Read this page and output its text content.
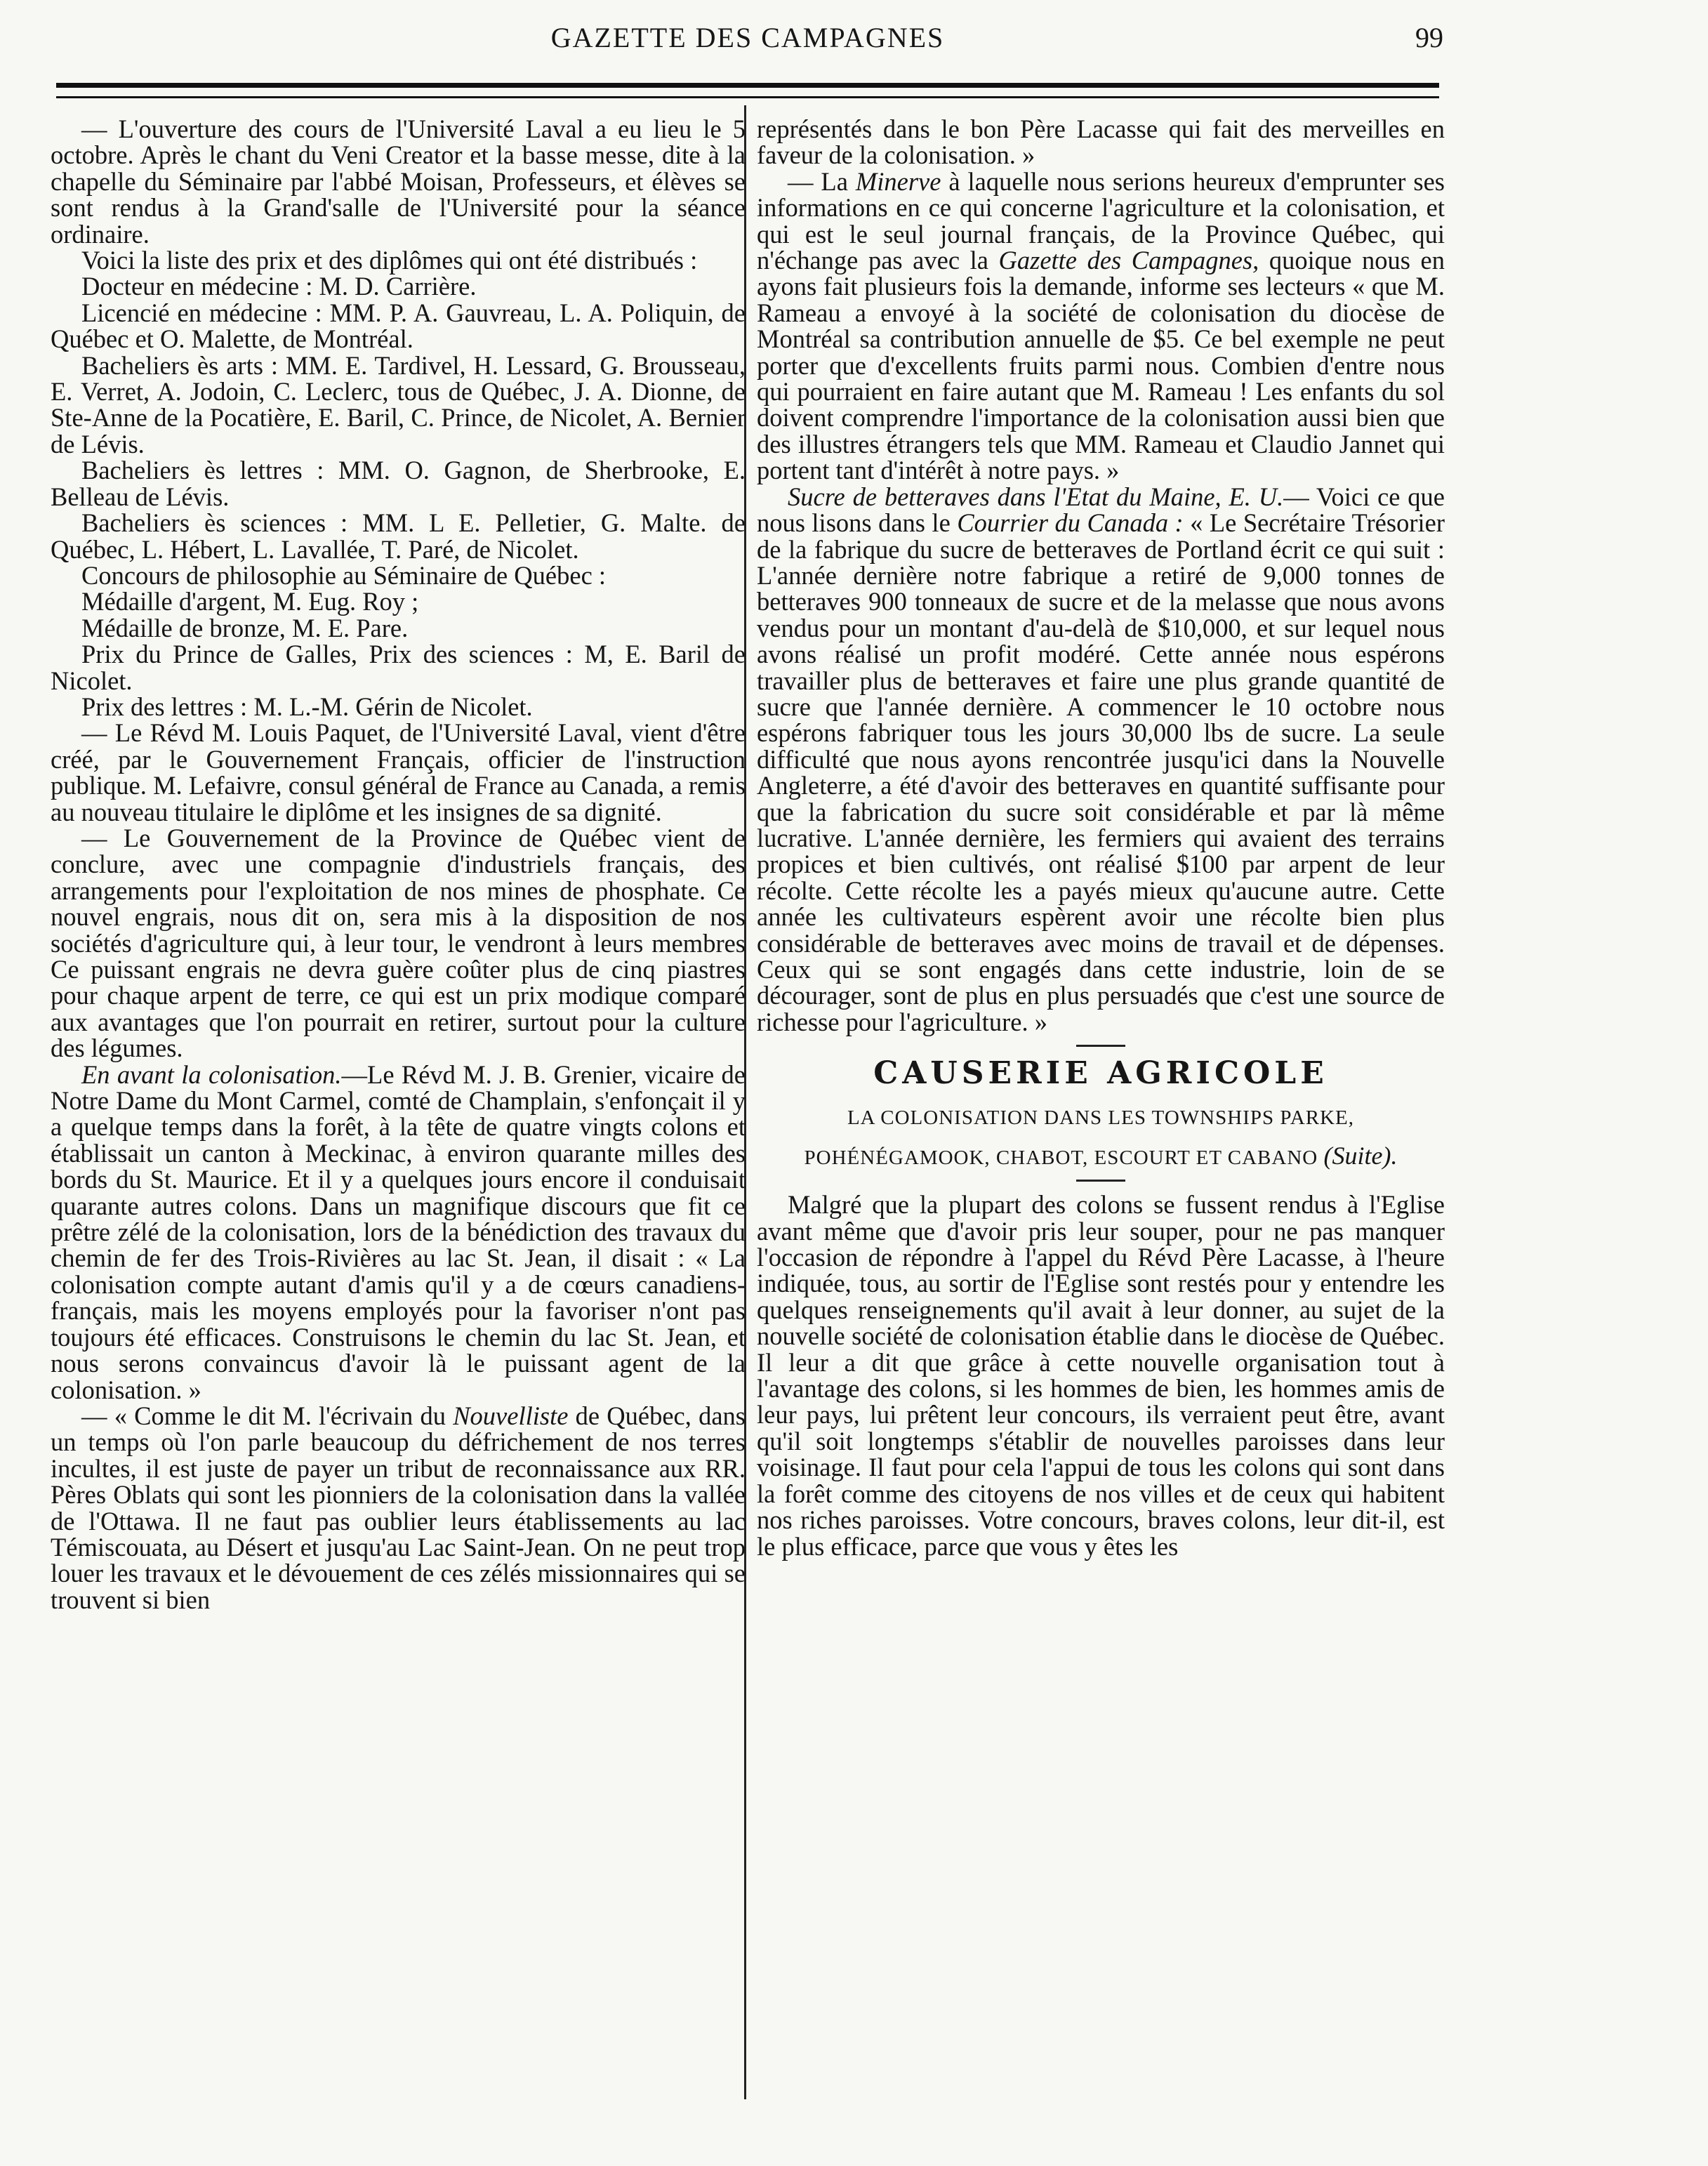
GAZETTE DES CAMPAGNES	99

— L'ouverture des cours de l'Université Laval a eu lieu le 5 octobre. Après le chant du Veni Creator et la basse messe, dite à la chapelle du Séminaire par l'abbé Moisan, Professeurs, et élèves se sont rendus à la Grand'salle de l'Université pour la séance ordinaire.

Voici la liste des prix et des diplômes qui ont été distribués :

Docteur en médecine : M. D. Carrière.

Licencié en médecine : MM. P. A. Gauvreau, L. A. Poliquin, de Québec et O. Malette, de Montréal.

Bacheliers ès arts : MM. E. Tardivel, H. Lessard, G. Brousseau, E. Verret, A. Jodoin, C. Leclerc, tous de Québec, J. A. Dionne, de Ste-Anne de la Pocatière, E. Baril, C. Prince, de Nicolet, A. Bernier de Lévis.

Bacheliers ès lettres : MM. O. Gagnon, de Sherbrooke, E. Belleau de Lévis.

Bacheliers ès sciences : MM. L E. Pelletier, G. Malte. de Québec, L. Hébert, L. Lavallée, T. Paré, de Nicolet.

Concours de philosophie au Séminaire de Québec :

Médaille d'argent, M. Eug. Roy ;

Médaille de bronze, M. E. Pare.

Prix du Prince de Galles, Prix des sciences : M, E. Baril de Nicolet.

Prix des lettres : M. L.-M. Gérin de Nicolet.

— Le Révd M. Louis Paquet, de l'Université Laval, vient d'être créé, par le Gouvernement Français, officier de l'instruction publique. M. Lefaivre, consul général de France au Canada, a remis au nouveau titulaire le diplôme et les insignes de sa dignité.

— Le Gouvernement de la Province de Québec vient de conclure, avec une compagnie d'industriels français, des arrangements pour l'exploitation de nos mines de phosphate. Ce nouvel engrais, nous dit on, sera mis à la disposition de nos sociétés d'agriculture qui, à leur tour, le vendront à leurs membres Ce puissant engrais ne devra guère coûter plus de cinq piastres pour chaque arpent de terre, ce qui est un prix modique comparé aux avantages que l'on pourrait en retirer, surtout pour la culture des légumes.

En avant la colonisation.—Le Révd M. J. B. Grenier, vicaire de Notre Dame du Mont Carmel, comté de Champlain, s'enfonçait il y a quelque temps dans la forêt, à la tête de quatre vingts colons et établissait un canton à Meckinac, à environ quarante milles des bords du St. Maurice. Et il y a quelques jours encore il conduisait quarante autres colons. Dans un magnifique discours que fit ce prêtre zélé de la colonisation, lors de la bénédiction des travaux du chemin de fer des Trois-Rivières au lac St. Jean, il disait : « La colonisation compte autant d'amis qu'il y a de cœurs canadiens-français, mais les moyens employés pour la favoriser n'ont pas toujours été efficaces. Construisons le chemin du lac St. Jean, et nous serons convaincus d'avoir là le puissant agent de la colonisation. »

— « Comme le dit M. l'écrivain du Nouvelliste de Québec, dans un temps où l'on parle beaucoup du défrichement de nos terres incultes, il est juste de payer un tribut de reconnaissance aux RR. Pères Oblats qui sont les pionniers de la colonisation dans la vallée de l'Ottawa. Il ne faut pas oublier leurs établissements au lac Témiscouata, au Désert et jusqu'au Lac Saint-Jean. On ne peut trop louer les travaux et le dévouement de ces zélés missionnaires qui se trouvent si bien

représentés dans le bon Père Lacasse qui fait des merveilles en faveur de la colonisation. »

— La Minerve à laquelle nous serions heureux d'emprunter ses informations en ce qui concerne l'agriculture et la colonisation, et qui est le seul journal français, de la Province Québec, qui n'échange pas avec la Gazette des Campagnes, quoique nous en ayons fait plusieurs fois la demande, informe ses lecteurs « que M. Rameau a envoyé à la société de colonisation du diocèse de Montréal sa contribution annuelle de $5. Ce bel exemple ne peut porter que d'excellents fruits parmi nous. Combien d'entre nous qui pourraient en faire autant que M. Rameau ! Les enfants du sol doivent comprendre l'importance de la colonisation aussi bien que des illustres étrangers tels que MM. Rameau et Claudio Jannet qui portent tant d'intérêt à notre pays. »

Sucre de betteraves dans l'Etat du Maine, E. U.— Voici ce que nous lisons dans le Courrier du Canada : « Le Secrétaire Trésorier de la fabrique du sucre de betteraves de Portland écrit ce qui suit : L'année dernière notre fabrique a retiré de 9,000 tonnes de betteraves 900 tonneaux de sucre et de la melasse que nous avons vendus pour un montant d'au-delà de $10,000, et sur lequel nous avons réalisé un profit modéré. Cette année nous espérons travailler plus de betteraves et faire une plus grande quantité de sucre que l'année dernière. A commencer le 10 octobre nous espérons fabriquer tous les jours 30,000 lbs de sucre. La seule difficulté que nous ayons rencontrée jusqu'ici dans la Nouvelle Angleterre, a été d'avoir des betteraves en quantité suffisante pour que la fabrication du sucre soit considérable et par là même lucrative. L'année dernière, les fermiers qui avaient des terrains propices et bien cultivés, ont réalisé $100 par arpent de leur récolte. Cette récolte les a payés mieux qu'aucune autre. Cette année les cultivateurs espèrent avoir une récolte bien plus considérable de betteraves avec moins de travail et de dépenses. Ceux qui se sont engagés dans cette industrie, loin de se décourager, sont de plus en plus persuadés que c'est une source de richesse pour l'agriculture. »

CAUSERIE AGRICOLE
LA COLONISATION DANS LES TOWNSHIPS PARKE, POHÉNÉGAMOOK, CHABOT, ESCOURT ET CABANO (Suite).

Malgré que la plupart des colons se fussent rendus à l'Eglise avant même que d'avoir pris leur souper, pour ne pas manquer l'occasion de répondre à l'appel du Révd Père Lacasse, à l'heure indiquée, tous, au sortir de l'Eglise sont restés pour y entendre les quelques renseignements qu'il avait à leur donner, au sujet de la nouvelle société de colonisation établie dans le diocèse de Québec. Il leur a dit que grâce à cette nouvelle organisation tout à l'avantage des colons, si les hommes de bien, les hommes amis de leur pays, lui prêtent leur concours, ils verraient peut être, avant qu'il soit longtemps s'établir de nouvelles paroisses dans leur voisinage. Il faut pour cela l'appui de tous les colons qui sont dans la forêt comme des citoyens de nos villes et de ceux qui habitent nos riches paroisses. Votre concours, braves colons, leur dit-il, est le plus efficace, parce que vous y êtes les
